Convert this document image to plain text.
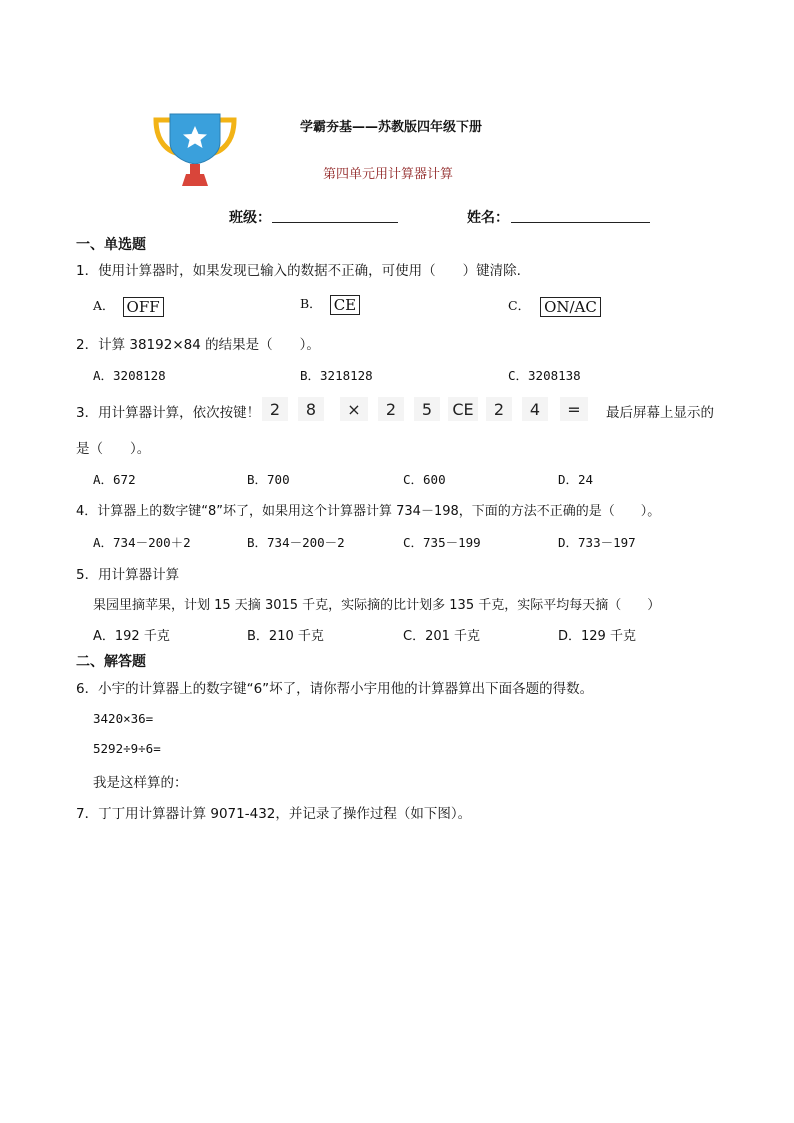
学霸夯基——苏教版四年级下册
第四单元用计算器计算
班级：	姓名：
一、单选题
1．使用计算器时，如果发现已输入的数据不正确，可使用（　　）键清除.
A． OFF	B． CE	C． ON/AC
2．计算 38192×84 的结果是（　　）。
A．3208128	B．3218128	C．3208138
3．用计算器计算，依次按键！ 2	8	×	2	5	CE	2	4	=	最后屏幕上显示的
是（　　）。
A．672	B．700	C．600	D．24
4．计算器上的数字键“8”坏了，如果用这个计算器计算 734－198，下面的方法不正确的是（　　）。
A．734－200＋2	B．734－200－2	C．735－199	D．733－197
5．用计算器计算
果园里摘苹果，计划 15 天摘 3015 千克，实际摘的比计划多 135 千克，实际平均每天摘（　　）
A．192 千克	B．210 千克	C．201 千克	D．129 千克
二、解答题
6．小宇的计算器上的数字键“6”坏了，请你帮小宇用他的计算器算出下面各题的得数。
3420×36=
5292÷9÷6=
我是这样算的：
7．丁丁用计算器计算 9071-432，并记录了操作过程（如下图）。
